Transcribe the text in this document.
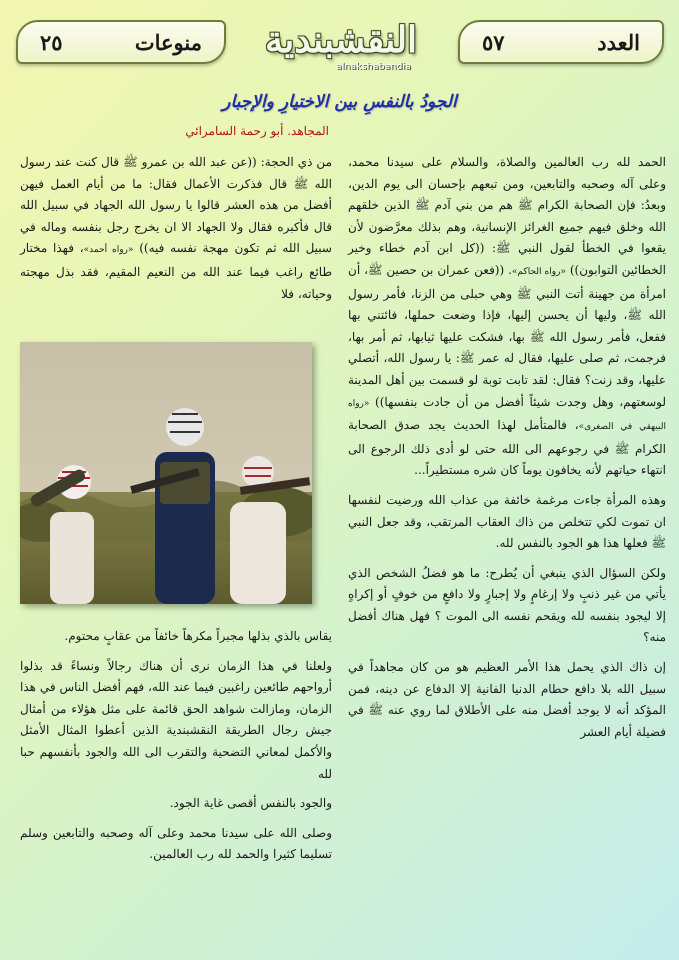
٢٥	منوعات	النقشبندية
alnakshabandia
٥٧	العدد
الجودُ بالنفسِ بين الاختيارِ والإجبار
المجاهد. أبو رحمة السامرائي

الحمد لله رب العالمين والصلاة، والسلام على سيدنا محمد، وعلى آله وصحبه والتابعين، ومن تبعهم بإحسان الى يوم الدين، وبعدُ: فإن الصحابة الكرام ﷺ هم من بني آدم ﷺ الذين خلقهم الله وخلق فيهم جميع الغرائز الإنسانية، وهم بذلك معرَّضون لأن يقعوا في الخطأ لقول النبي ﷺ: ((كل ابن آدم خطاء وخير الخطائين التوابون)) «رواه الحاكم». ((فعن عمران بن حصين ﷺ، أن امرأة من جهينة أتت النبي ﷺ وهي حبلى من الزنا، فأمر رسول الله ﷺ، وليها أن يحسن إليها، فإذا وضعت حملها، فائتني بها ففعل، فأمر رسول الله ﷺ بها، فشكت عليها ثيابها، ثم أمر بها، فرجمت، ثم صلى عليها، فقال له عمر ﷺ: يا رسول الله، أتصلي عليها، وقد زنت؟ فقال: لقد تابت توبة لو قسمت بين أهل المدينة لوسعتهم، وهل وجدت شيئاً أفضل من أن جادت بنفسها)) «رواه البيهقي في الصغرى»، فالمتأمل لهذا الحديث يجد صدق الصحابة الكرام ﷺ في رجوعهم الى الله حتى لو أدى ذلك الرجوع الى انتهاء حياتهم لأنه يخافون يوماً كان شره مستطيراً...

وهذه المرأة جاءت مرغمة خائفة من عذاب الله ورضيت لنفسها ان تموت لكي تتخلص من ذاك العقاب المرتقب، وقد جعل النبي ﷺ فعلها هذا هو الجود بالنفس لله.

ولكن السؤال الذي ينبغي أن يُطرح: ما هو فضلُ الشخص الذي يأتي من غير ذنبٍ ولا إرغامٍ ولا إجبارٍ ولا دافعٍ من خوفٍ أو إكراهٍ إلا ليجود بنفسه لله ويقحم نفسه الى الموت ؟ فهل هناك أفضل منه؟

إن ذاك الذي يحمل هذا الأمر العظيم هو من كان مجاهداً في سبيل الله بلا دافع حطام الدنيا الفانية إلا الدفاع عن دينه، فمن المؤكد أنه لا يوجد أفضل منه على الأطلاق لما روي عنه ﷺ في فضيلة أيام العشر

من ذي الحجة: ((عن عبد الله بن عمرو ﷺ قال كنت عند رسول الله ﷺ قال فذكرت الأعمال فقال: ما من أيام العمل فيهن أفضل من هذه العشر قالوا يا رسول الله الجهاد في سبيل الله قال فأكبره فقال ولا الجهاد الا ان يخرج رجل بنفسه وماله في سبيل الله ثم تكون مهجة نفسه فيه)) «رواه أحمد»، فهذا مختار طائع راغب فيما عند الله من النعيم المقيم، فقد بذل مهجته وحياته، فلا

يقاس بالذي بذلها مجبراً مكرهاً خائفاً من عقابٍ محتوم.

ولعلنا في هذا الزمان نرى أن هناك رجالاً ونساءً قد بذلوا أرواحهم طائعين راغبين فيما عند الله، فهم أفضل الناس في هذا الزمان، ومازالت شواهد الحق قائمة على مثل هؤلاء من أمثال جيش رجال الطريقة النقشبندية الذين أعطوا المثال الأمثل والأكمل لمعاني التضحية والتقرب الى الله والجود بأنفسهم حبا لله

والجود بالنفس أقصى غاية الجود.

وصلى الله على سيدنا محمد وعلى آله وصحبه والتابعين وسلم تسليما كثيرا والحمد لله رب العالمين.
